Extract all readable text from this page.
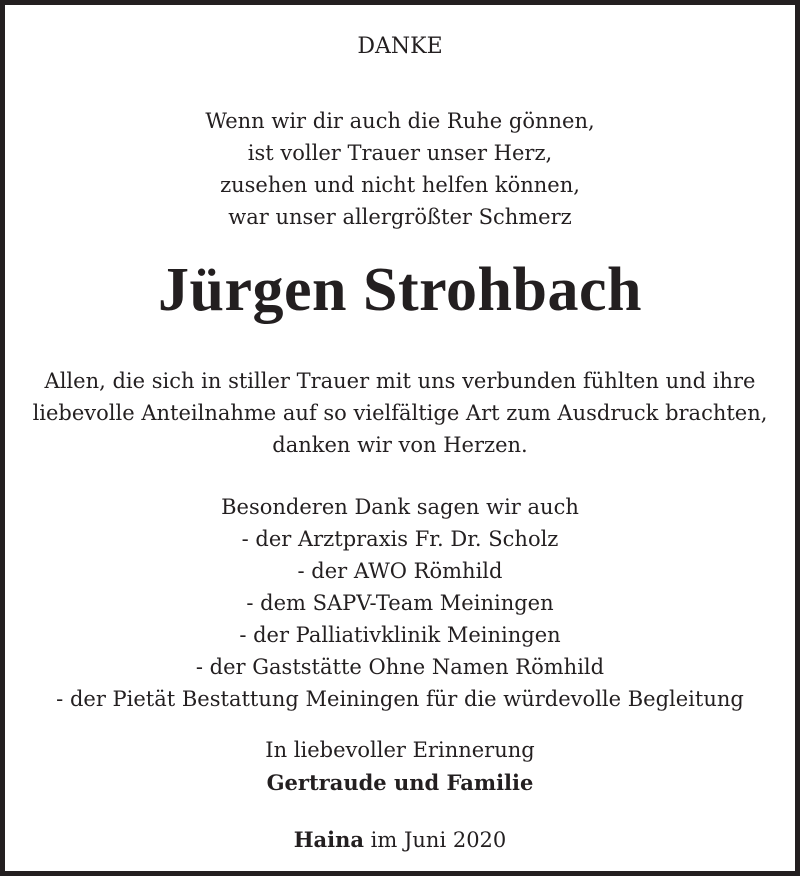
DANKE
Wenn wir dir auch die Ruhe gönnen,
ist voller Trauer unser Herz,
zusehen und nicht helfen können,
war unser allergrößter Schmerz
Jürgen Strohbach
Allen, die sich in stiller Trauer mit uns verbunden fühlten und ihre
liebevolle Anteilnahme auf so vielfältige Art zum Ausdruck brachten,
danken wir von Herzen.
Besonderen Dank sagen wir auch
- der Arztpraxis Fr. Dr. Scholz
- der AWO Römhild
- dem SAPV-Team Meiningen
- der Palliativklinik Meiningen
- der Gaststätte Ohne Namen Römhild
- der Pietät Bestattung Meiningen für die würdevolle Begleitung
In liebevoller Erinnerung
Gertraude und Familie
Haina im Juni 2020
